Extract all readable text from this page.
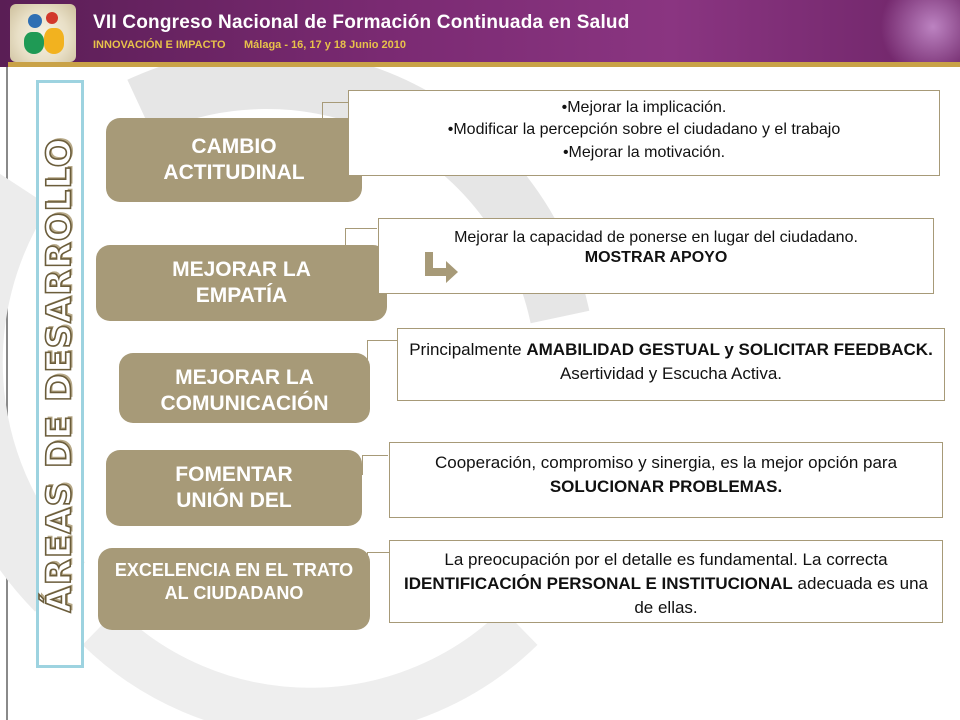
VII Congreso Nacional de Formación Continuada en Salud
INNOVACIÓN E IMPACTO Málaga - 16, 17 y 18 Junio 2010
ÁREAS DE DESARROLLO	CAMBIO ACTITUDINAL
•Mejorar la implicación.
•Modificar la percepción sobre el ciudadano y el trabajo
•Mejorar la motivación.
MEJORAR LA EMPATÍA
Mejorar la capacidad de ponerse en lugar del ciudadano.
MOSTRAR APOYO
MEJORAR LA COMUNICACIÓN
Principalmente AMABILIDAD GESTUAL y SOLICITAR FEEDBACK. Asertividad y Escucha Activa.
FOMENTAR UNIÓN DEL
Cooperación, compromiso y sinergia, es la mejor opción para SOLUCIONAR PROBLEMAS.
EXCELENCIA EN EL TRATO AL CIUDADANO
La preocupación por el detalle es fundamental. La correcta IDENTIFICACIÓN PERSONAL E INSTITUCIONAL adecuada es una de ellas.
